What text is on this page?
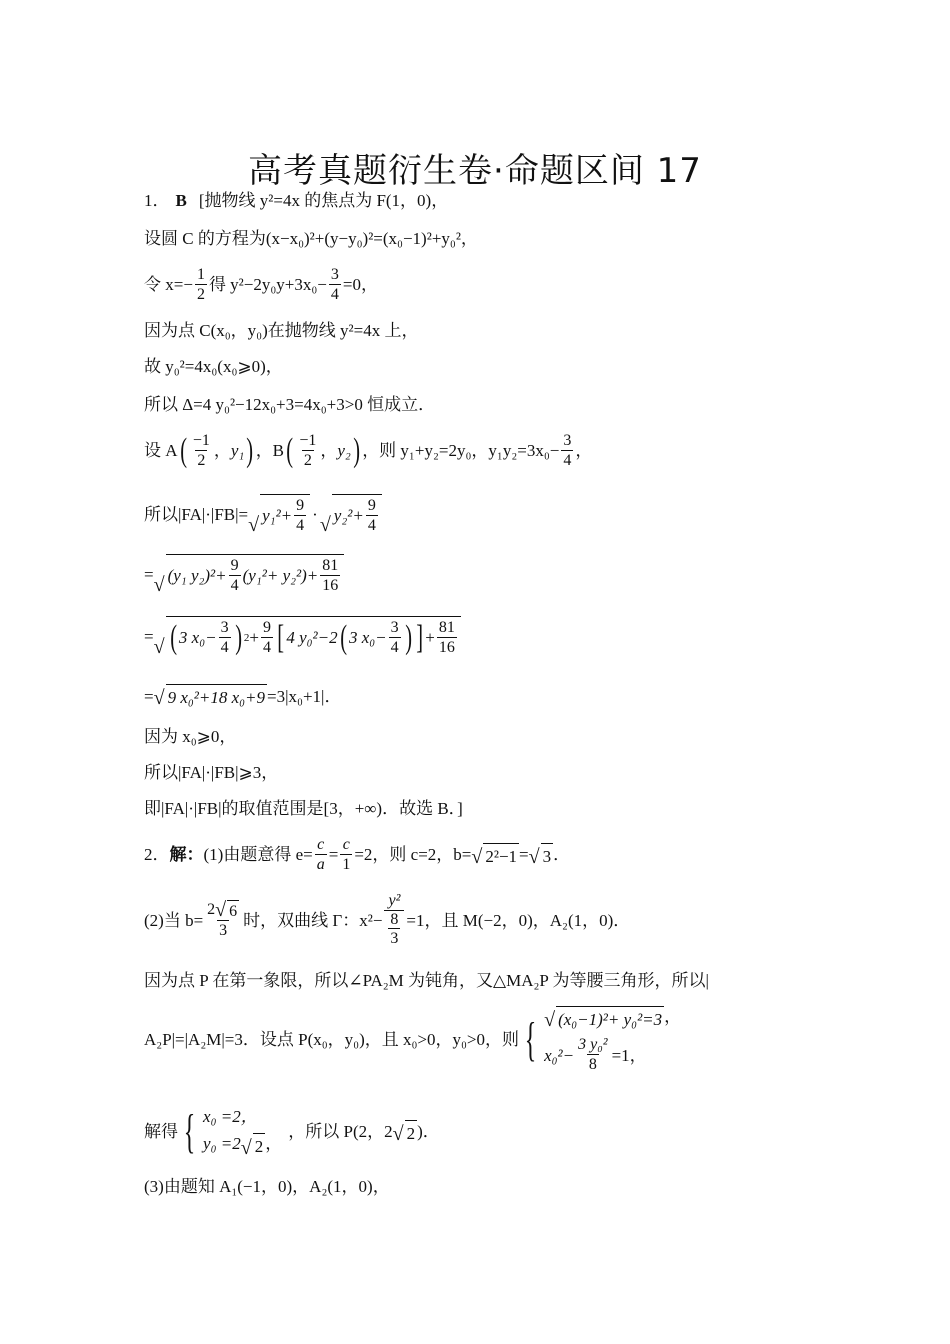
高考真题衍生卷·命题区间 17
1． B [抛物线 y²=4x 的焦点为 F(1，0)，
设圆 C 的方程为(x−x₀)²+(y−y₀)²=(x₀−1)²+y₀²，
令 $x=- \frac{1}{2}$ 得 $y^2-2y_0y+3x_0- \frac{3}{4} =0$，
因为点 C(x₀，y₀)在抛物线 y²=4x 上，
故 y₀²=4x₀(x₀⩾0)，
所以 Δ=4 y₀²−12x₀+3=4x₀+3>0 恒成立．
设 A ( $\frac{-1}{2}$ ， y₁ ) ，B ( $\frac{-1}{2}$ ， y₂ ) ，则 y₁+y₂=2y₀，$y_1y_2=3x_0- \frac{3}{4}$ ，
所以|FA|·|FB|= √ $y_1^2+ \frac{9}{4}$ · √ $y_2^2+ \frac{9}{4}$
= √ (y₁ $y_2)^2+ \frac{9}{4} (y_1^2+ y_2^2)+ \frac{81}{16}$
= √ ( 3 $x_0- \frac{3}{4}$ ) $2 + \frac{9}{4}$ [ 4 y₀²−2 ( 3 $x_0- \frac{3}{4}$ ) ] + $\frac{81}{16}$
= √ 9 x₀²+18 x₀+9 =3|x₀+1|．
因为 x₀⩾0，
所以|FA|·|FB|⩾3，
即|FA|·|FB|的取值范围是[3，+∞)．故选 B．]
2． 解： (1)由题意得 $e= \frac{c}{a} = \frac{c}{1} =2$，则 c=2，b= √ 2²−1 = √ 3 ．
(2)当 $b= \frac{2 √ 6}{3}$ 时，双曲线 Γ：$x^2- \frac{\text{y²}}{\frac{8}{3}} =1$，且 M(−2，0)，A₂(1，0)．
因为点 P 在第一象限，所以∠PA₂M 为钝角，又△MA₂P 为等腰三角形，所以|
A₂P|=|A₂M|=3．设点 P(x₀，y₀)，且 x₀>0，y₀>0，则 { √ (x₀−1)²+ y₀²=3 ，
$x_0^2- \frac{\text{3 y₀²}}{8} =1$，
解得 { x₀ =2，
y₀ =2 √ 2 ，
，所以 P (2，2 √ 2 )．
(3)由题知 A₁(−1，0)，A₂(1，0)，
